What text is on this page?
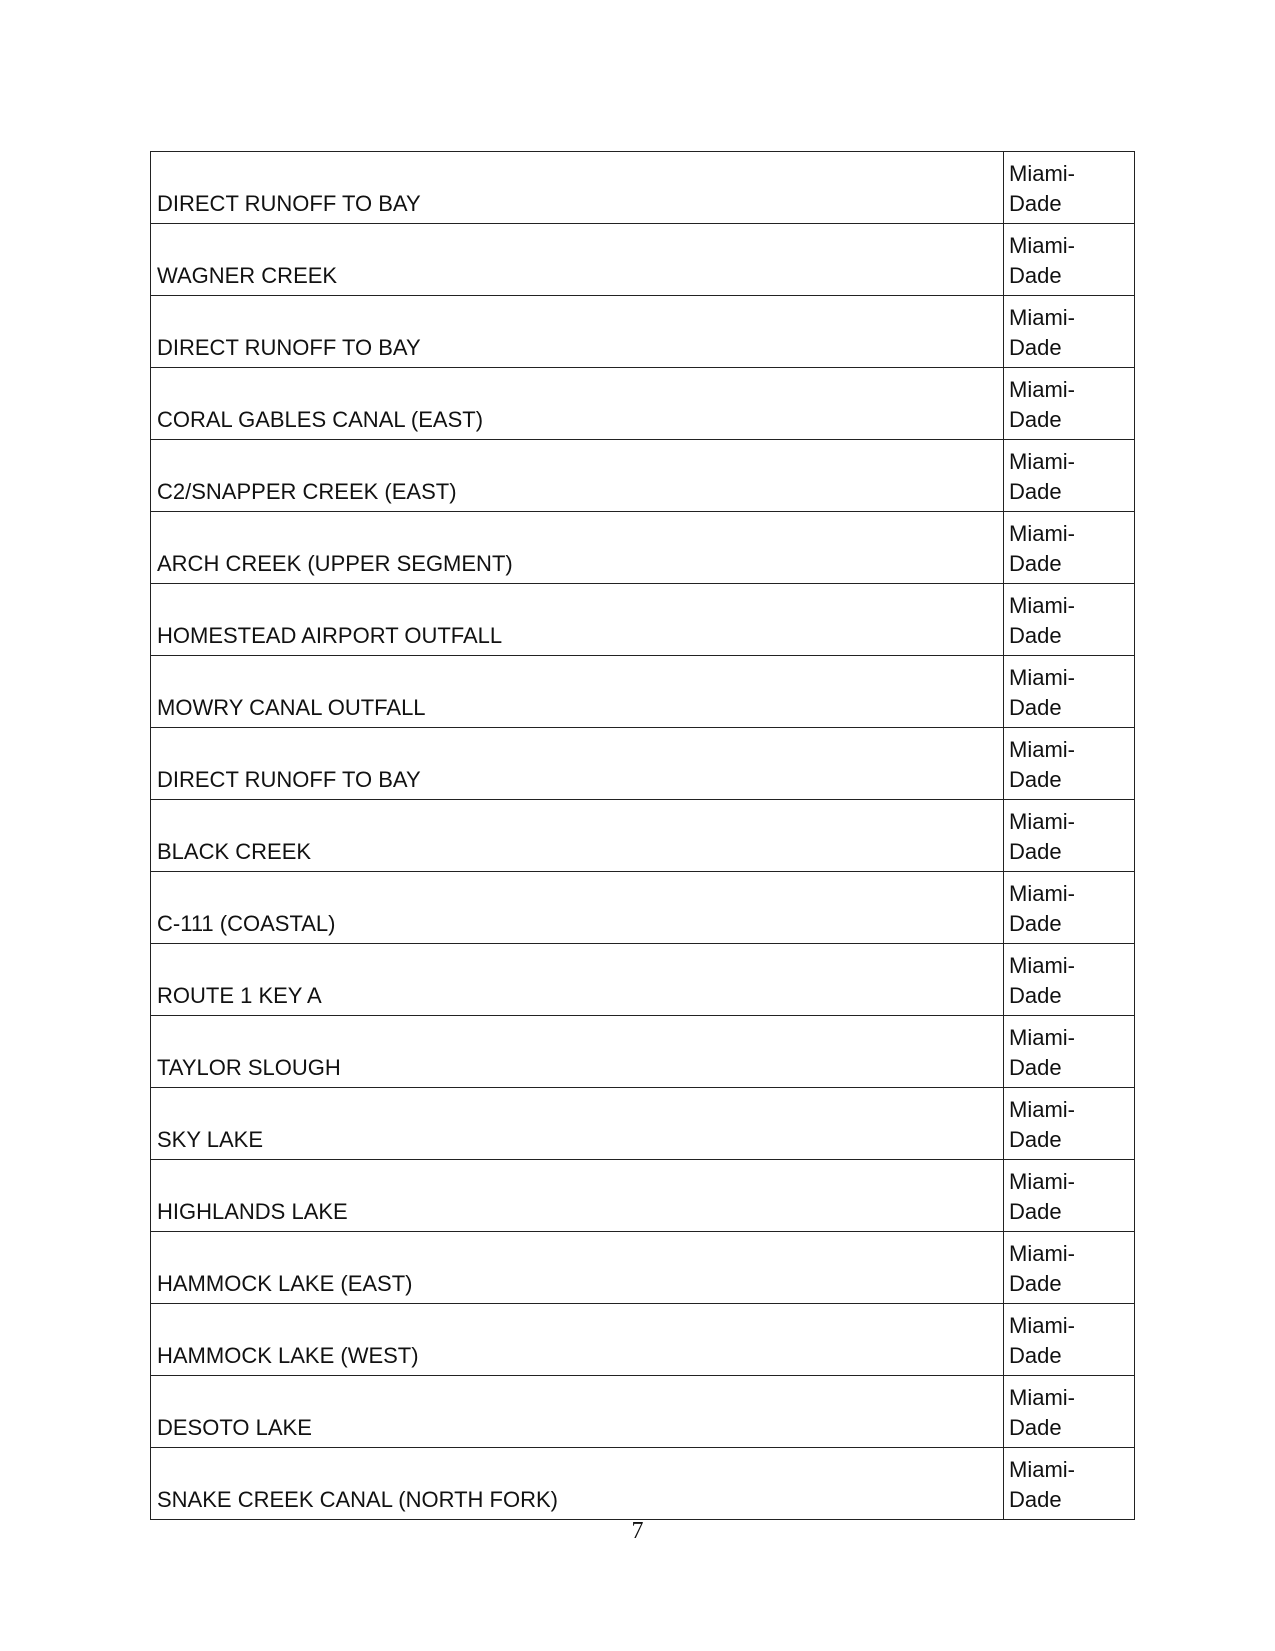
DIRECT RUNOFF TO BAY	Miami-Dade

WAGNER CREEK	Miami-Dade

DIRECT RUNOFF TO BAY	Miami-Dade

CORAL GABLES CANAL (EAST)	Miami-Dade

C2/SNAPPER CREEK (EAST)	Miami-Dade

ARCH CREEK (UPPER SEGMENT)	Miami-Dade

HOMESTEAD AIRPORT OUTFALL	Miami-Dade

MOWRY CANAL OUTFALL	Miami-Dade

DIRECT RUNOFF TO BAY	Miami-Dade

BLACK CREEK	Miami-Dade

C-111 (COASTAL)	Miami-Dade

ROUTE 1 KEY A	Miami-Dade

TAYLOR SLOUGH	Miami-Dade

SKY LAKE	Miami-Dade

HIGHLANDS LAKE	Miami-Dade

HAMMOCK LAKE (EAST)	Miami-Dade

HAMMOCK LAKE (WEST)	Miami-Dade

DESOTO LAKE	Miami-Dade

SNAKE CREEK CANAL (NORTH FORK)	Miami-Dade
7
